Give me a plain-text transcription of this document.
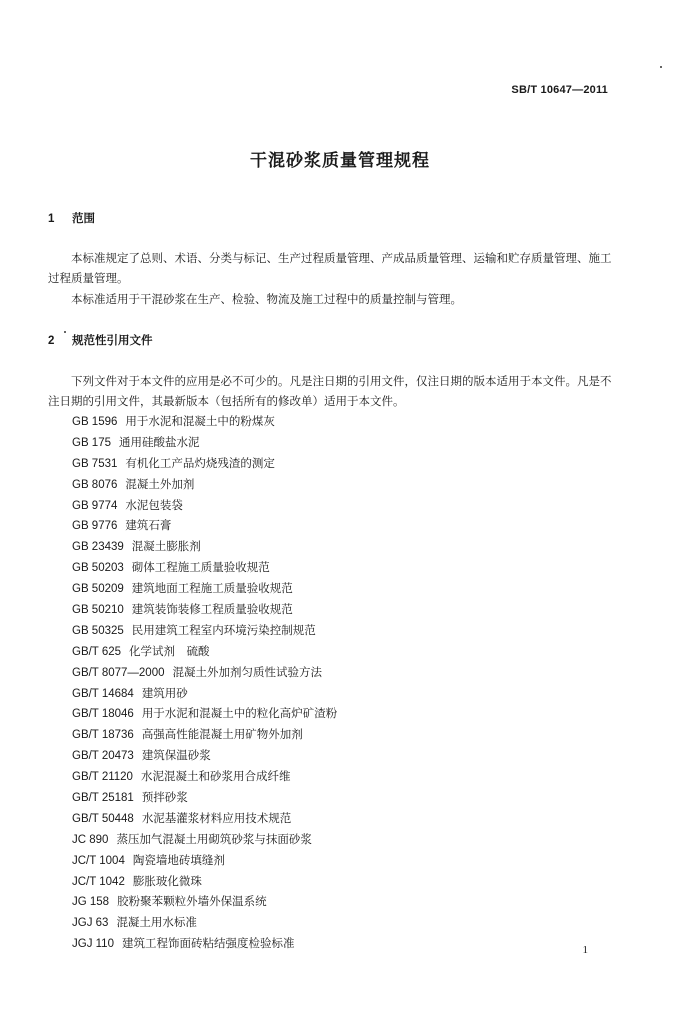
SB/T 10647—2011
干混砂浆质量管理规程
1 范围
本标准规定了总则、术语、分类与标记、生产过程质量管理、产成品质量管理、运输和贮存质量管理、施工过程质量管理。
本标准适用于干混砂浆在生产、检验、物流及施工过程中的质量控制与管理。
2 规范性引用文件
下列文件对于本文件的应用是必不可少的。凡是注日期的引用文件，仅注日期的版本适用于本文件。凡是不注日期的引用文件，其最新版本（包括所有的修改单）适用于本文件。
GB 1596 用于水泥和混凝土中的粉煤灰
GB 175 通用硅酸盐水泥
GB 7531 有机化工产品灼烧残渣的测定
GB 8076 混凝土外加剂
GB 9774 水泥包装袋
GB 9776 建筑石膏
GB 23439 混凝土膨胀剂
GB 50203 砌体工程施工质量验收规范
GB 50209 建筑地面工程施工质量验收规范
GB 50210 建筑装饰装修工程质量验收规范
GB 50325 民用建筑工程室内环境污染控制规范
GB/T 625 化学试剂　硫酸
GB/T 8077—2000 混凝土外加剂匀质性试验方法
GB/T 14684 建筑用砂
GB/T 18046 用于水泥和混凝土中的粒化高炉矿渣粉
GB/T 18736 高强高性能混凝土用矿物外加剂
GB/T 20473 建筑保温砂浆
GB/T 21120 水泥混凝土和砂浆用合成纤维
GB/T 25181 预拌砂浆
GB/T 50448 水泥基灌浆材料应用技术规范
JC 890 蒸压加气混凝土用砌筑砂浆与抹面砂浆
JC/T 1004 陶瓷墙地砖填缝剂
JC/T 1042 膨胀玻化微珠
JG 158 胶粉聚苯颗粒外墙外保温系统
JGJ 63 混凝土用水标准
JGJ 110 建筑工程饰面砖粘结强度检验标准	1
